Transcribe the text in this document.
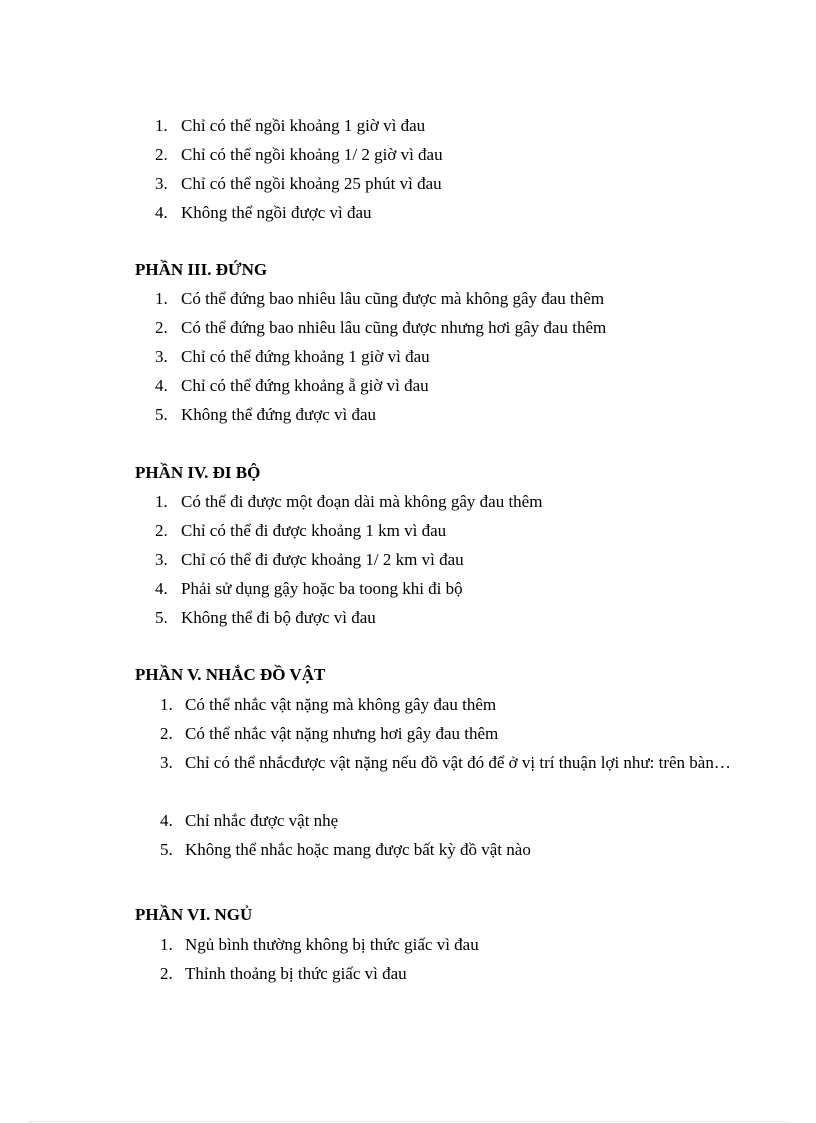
1. Chỉ có thể ngồi khoảng 1 giờ vì đau
2. Chỉ có thể ngồi khoảng 1/ 2 giờ vì đau
3. Chỉ có thể ngồi khoảng 25 phút vì đau
4. Không thể ngồi được vì đau
PHẦN III. ĐỨNG
1. Có thể đứng bao nhiêu lâu cũng được mà không gây đau thêm
2. Có thể đứng bao nhiêu lâu cũng được nhưng hơi gây đau thêm
3. Chỉ có thể đứng khoảng 1 giờ vì đau
4. Chỉ có thể đứng khoảng ẵ giờ vì đau
5. Không thể đứng được vì đau
PHẦN IV. ĐI BỘ
1. Có thể đi được một đoạn dài mà không gây đau thêm
2. Chỉ có thể đi được khoảng 1 km vì đau
3. Chỉ có thể đi được khoảng 1/ 2 km vì đau
4. Phải sử dụng gậy hoặc ba toong khi đi bộ
5. Không thể đi bộ được vì đau
PHẦN V. NHẮC ĐỒ VẬT
1. Có thể nhắc vật nặng mà không gây đau thêm
2. Có thể nhắc vật nặng nhưng hơi gây đau thêm
3. Chỉ có thể nhắcđược vật nặng nếu đồ vật đó để ở vị trí thuận lợi như: trên bàn…
4. Chỉ nhắc được vật nhẹ
5. Không thể nhắc hoặc mang được bất kỳ đồ vật nào
PHẦN VI. NGỦ
1. Ngủ bình thường không bị thức giấc vì đau
2. Thỉnh thoảng bị thức giấc vì đau
